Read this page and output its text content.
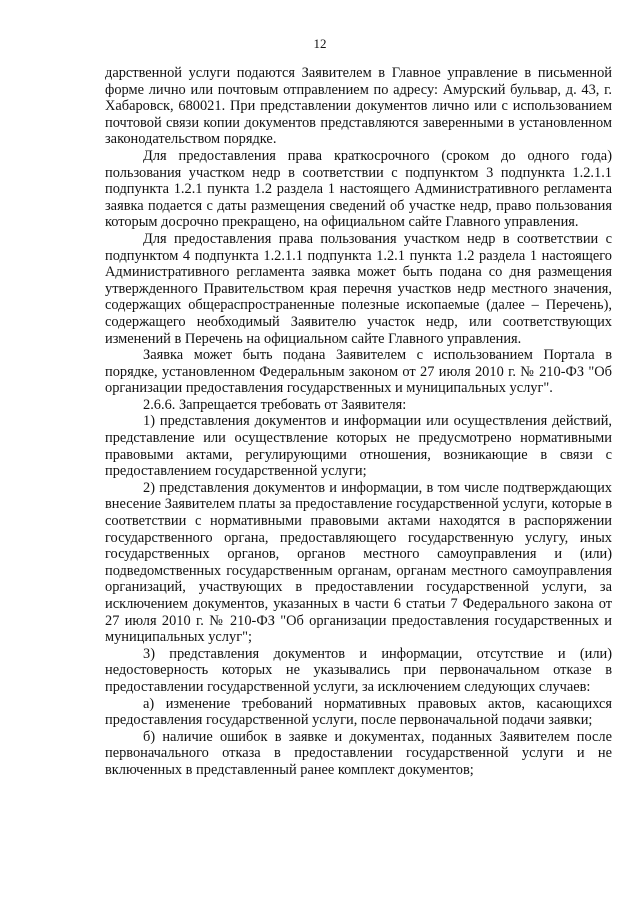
12

дарственной услуги подаются Заявителем в Главное управление в письменной форме лично или почтовым отправлением по адресу: Амурский бульвар, д. 43, г. Хабаровск, 680021. При представлении документов лично или с использованием почтовой связи копии документов представляются заверенными в установленном законодательством порядке.

Для предоставления права краткосрочного (сроком до одного года) пользования участком недр в соответствии с подпунктом 3 подпункта 1.2.1.1 подпункта 1.2.1 пункта 1.2 раздела 1 настоящего Административного регламента заявка подается с даты размещения сведений об участке недр, право пользования которым досрочно прекращено, на официальном сайте Главного управления.

Для предоставления права пользования участком недр в соответствии с подпунктом 4 подпункта 1.2.1.1 подпункта 1.2.1 пункта 1.2 раздела 1 настоящего Административного регламента заявка может быть подана со дня размещения утвержденного Правительством края перечня участков недр местного значения, содержащих общераспространенные полезные ископаемые (далее – Перечень), содержащего необходимый Заявителю участок недр, или соответствующих изменений в Перечень на официальном сайте Главного управления.

Заявка может быть подана Заявителем с использованием Портала в порядке, установленном Федеральным законом от 27 июля 2010 г. № 210-ФЗ "Об организации предоставления государственных и муниципальных услуг".

2.6.6. Запрещается требовать от Заявителя:

1) представления документов и информации или осуществления действий, представление или осуществление которых не предусмотрено нормативными правовыми актами, регулирующими отношения, возникающие в связи с предоставлением государственной услуги;

2) представления документов и информации, в том числе подтверждающих внесение Заявителем платы за предоставление государственной услуги, которые в соответствии с нормативными правовыми актами находятся в распоряжении государственного органа, предоставляющего государственную услугу, иных государственных органов, органов местного самоуправления и (или) подведомственных государственным органам, органам местного самоуправления организаций, участвующих в предоставлении государственной услуги, за исключением документов, указанных в части 6 статьи 7 Федерального закона от 27 июля 2010 г. № 210-ФЗ "Об организации предоставления государственных и муниципальных услуг";

3) представления документов и информации, отсутствие и (или) недостоверность которых не указывались при первоначальном отказе в предоставлении государственной услуги, за исключением следующих случаев:

а) изменение требований нормативных правовых актов, касающихся предоставления государственной услуги, после первоначальной подачи заявки;

б) наличие ошибок в заявке и документах, поданных Заявителем после первоначального отказа в предоставлении государственной услуги и не включенных в представленный ранее комплект документов;
